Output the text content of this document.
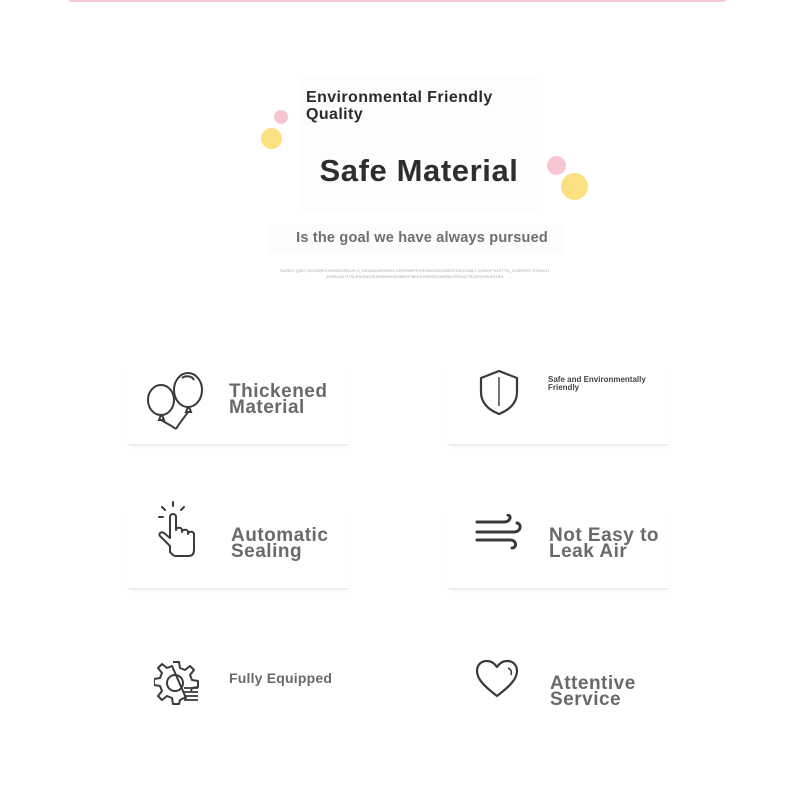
Environmental Friendly
Quality

Safe Material

Is the goal we have always pursued

DUROY.(QDT,OCORRPCONRSIVRDUP.O_SEVMDUKRRDN,ORDPNRFFGROMORKOISERTON,DUNLY CHDOPTOPTTN_COBFERT STHOUT EDRDAN.RTSLESHNRZEXMSRMCEHMDNTBEEKRREDROMRMLTRDUCTRQENTIRISRTRS

Thickened
Material

Safe and Environmentally
Friendly

Automatic
Sealing

Not Easy to
Leak Air

Fully Equipped	Attentive
Service
